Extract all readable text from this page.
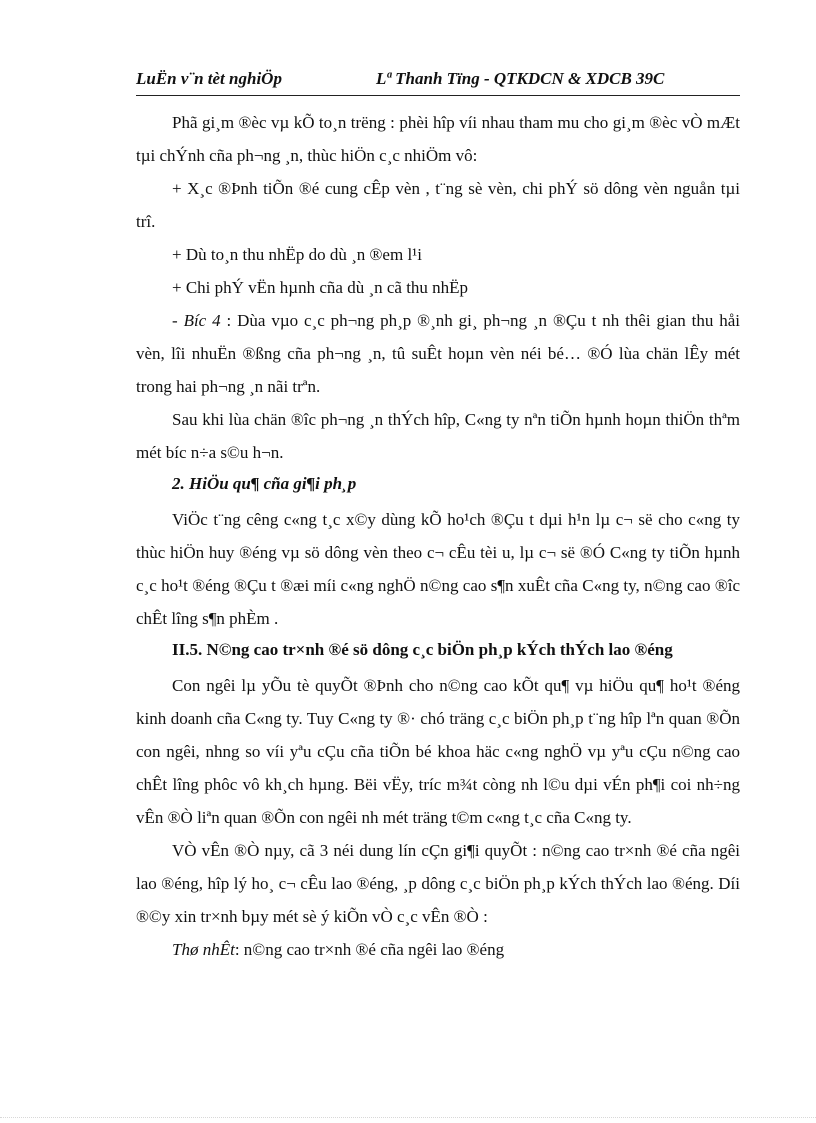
LuËn v¨n tèt nghiÖp	Lª Thanh Tïng - QTKDCN & XDCB 39C

Phã gi¸m ®èc vµ kÕ to¸n trëng : phèi hîp víi nhau tham mu cho gi¸m ®èc vÒ mÆt tµi chÝnh cña ph¬ng ¸n, thùc hiÖn c¸c nhiÖm vô:

+ X¸c ®Þnh tiÕn ®é cung cÊp vèn , t¨ng sè vèn, chi phÝ sö dông vèn nguån tµi trî.

+ Dù to¸n thu nhËp do dù ¸n ®em l¹i

+ Chi phÝ vËn hµnh cña dù ¸n cã thu nhËp

- Bíc 4 : Dùa vµo c¸c ph¬ng ph¸p ®¸nh gi¸ ph¬ng ¸n ®Çu t nh thêi gian thu håi vèn, lîi nhuËn ®ßng cña ph¬ng ¸n, tû suÊt hoµn vèn néi bé… ®Ó lùa chän lÊy mét trong hai ph¬ng ¸n nãi trªn.

Sau khi lùa chän ®îc ph¬ng ¸n thÝch hîp, C«ng ty nªn tiÕn hµnh hoµn thiÖn thªm mét bíc n÷a s©u h¬n.

2. HiÖu qu¶ cña gi¶i ph¸p

ViÖc t¨ng cêng c«ng t¸c x©y dùng kÕ ho¹ch ®Çu t dµi h¹n lµ c¬ së cho c«ng ty thùc hiÖn huy ®éng vµ sö dông vèn theo c¬ cÊu tèi u, lµ c¬ së ®Ó C«ng ty tiÕn hµnh c¸c ho¹t ®éng ®Çu t ®æi míi c«ng nghÖ n©ng cao s¶n xuÊt cña C«ng ty, n©ng cao ®îc chÊt lîng s¶n phÈm .

II.5. N©ng cao tr×nh ®é sö dông c¸c biÖn ph¸p kÝch thÝch lao ®éng

Con ngêi lµ yÕu tè quyÕt ®Þnh cho n©ng cao kÕt qu¶ vµ hiÖu qu¶ ho¹t ®éng kinh doanh cña C«ng ty. Tuy C«ng ty ®· chó träng c¸c biÖn ph¸p t¨ng hîp lªn quan ®Õn con ngêi, nhng so víi yªu cÇu cña tiÕn bé khoa häc c«ng nghÖ vµ yªu cÇu n©ng cao chÊt lîng phôc vô kh¸ch hµng. Bëi vËy, tríc m¾t còng nh l©u dµi vÉn ph¶i coi nh÷ng vÊn ®Ò liªn quan ®Õn con ngêi nh mét träng t©m c«ng t¸c cña C«ng ty.

VÒ vÊn ®Ò nµy, cã 3 néi dung lín cÇn gi¶i quyÕt : n©ng cao tr×nh ®é cña ngêi lao ®éng, hîp lý ho¸ c¬ cÊu lao ®éng, ¸p dông c¸c biÖn ph¸p kÝch thÝch lao ®éng. Díi ®©y xin tr×nh bµy mét sè ý kiÕn vÒ c¸c vÊn ®Ò :

Thø nhÊt: n©ng cao tr×nh ®é cña ngêi lao ®éng
